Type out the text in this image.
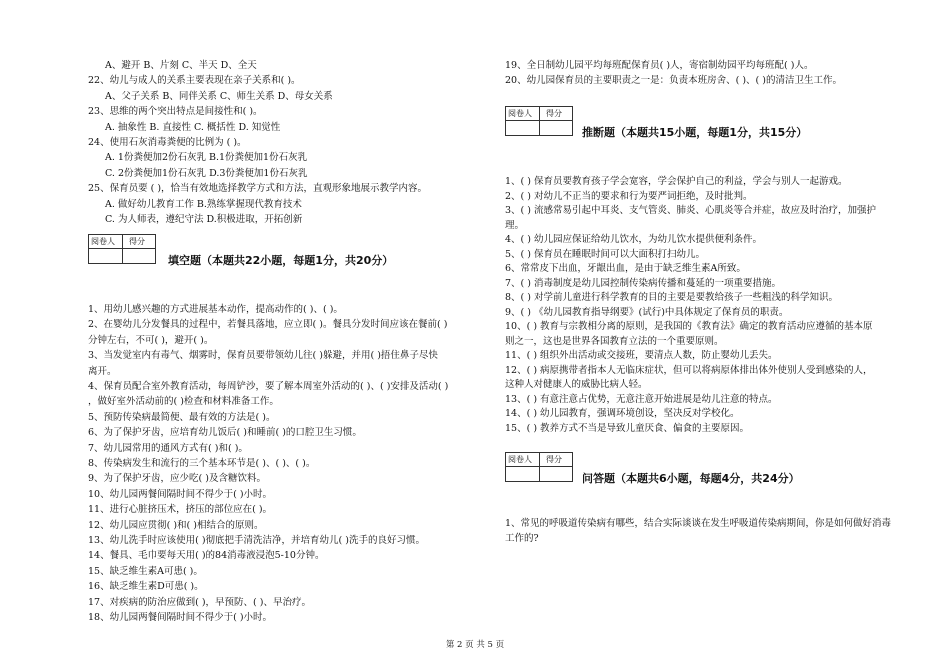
A、避开 B、片刻 C、半天 D、全天
22、幼儿与成人的关系主要表现在亲子关系和( )。
A、父子关系 B、同伴关系 C、师生关系 D、母女关系
23、思维的两个突出特点是间接性和( )。
A. 抽象性 B. 直接性 C. 概括性 D. 知觉性
24、使用石灰消毒粪便的比例为 ( )。
A. 1份粪便加2份石灰乳 B.1份粪便加1份石灰乳
C. 2份粪便加1份石灰乳 D.3份粪便加1份石灰乳
25、保育员要 ( )，恰当有效地选择教学方式和方法，直观形象地展示教学内容。
A. 做好幼儿教育工作 B.熟练掌握现代教育技术
C. 为人师表，遵纪守法 D.积极进取，开拓创新
阅卷人 得分
填空题（本题共22小题，每题1分，共20分）
1、用幼儿感兴趣的方式进展基本动作，提高动作的( )、( )。
2、在婴幼儿分发餐具的过程中，若餐具落地，应立即( )。餐具分发时间应该在餐前( )
分钟左右，不可( )，避开( )。
3、当发觉室内有毒气、烟雾时，保育员要带领幼儿往( )躲避，并用( )捂住鼻子尽快
离开。
4、保育员配合室外教育活动，每周铲沙，要了解本周室外活动的( )、( )安排及活动( )
，做好室外活动前的( )检查和材料准备工作。
5、预防传染病最简便、最有效的方法是( )。
6、为了保护牙齿，应培育幼儿饭后( )和睡前( )的口腔卫生习惯。
7、幼儿园常用的通风方式有( )和( )。
8、传染病发生和流行的三个基本环节是( )、( )、( )。
9、为了保护牙齿，应少吃( )及含糖饮料。
10、幼儿园两餐间隔时间不得少于( )小时。
11、进行心脏挤压术，挤压的部位应在( )。
12、幼儿园应贯彻( )和( )相结合的原则。
13、幼儿洗手时应该使用( )彻底把手清洗洁净，并培育幼儿( )洗手的良好习惯。
14、餐具、毛巾要每天用( )的84消毒液浸泡5-10分钟。
15、缺乏维生素A可患( )。
16、缺乏维生素D可患( )。
17、对疾病的防治应做到( )，早预防、( )、早治疗。
18、幼儿园两餐间隔时间不得少于( )小时。
19、全日制幼儿园平均每班配保育员( )人，寄宿制幼园平均每班配( )人。
20、幼儿园保育员的主要职责之一是：负责本班房舍、( )、( )的清洁卫生工作。
阅卷人 得分
推断题（本题共15小题，每题1分，共15分）
1、( ) 保育员要教育孩子学会宽容，学会保护自己的利益，学会与别人一起游戏。
2、( ) 对幼儿不正当的要求和行为要严词拒绝，及时批判。
3、( ) 流感常易引起中耳炎、支气管炎、肺炎、心肌炎等合并症，故应及时治疗，加强护
理。
4、( ) 幼儿园应保证给幼儿饮水，为幼儿饮水提供便利条件。
5、( ) 保育员在睡眠时间可以大面积打扫幼儿。
6、常常皮下出血，牙龈出血，是由于缺乏维生素A所致。
7、( ) 消毒制度是幼儿园控制传染病传播和蔓延的一项重要措施。
8、( ) 对学前儿童进行科学教育的目的主要是要教给孩子一些粗浅的科学知识。
9、( ) 《幼儿园教育指导纲要》(试行)中具体规定了保育员的职责。
10、( ) 教育与宗教相分离的原则，是我国的《教育法》确定的教育活动应遵循的基本原
则之一，这也是世界各国教育立法的一个重要原则。
11、( ) 组织外出活动或交接班，要清点人数，防止婴幼儿丢失。
12、( ) 病原携带者指本人无临床症状，但可以将病原体排出体外使别人受到感染的人，
这种人对健康人的威胁比病人轻。
13、( ) 有意注意占优势，无意注意开始进展是幼儿注意的特点。
14、( ) 幼儿园教育，强调环境创设，坚决反对学校化。
15、( ) 教养方式不当是导致儿童厌食、偏食的主要原因。
阅卷人 得分
问答题（本题共6小题，每题4分，共24分）
1、常见的呼吸道传染病有哪些，结合实际谈谈在发生呼吸道传染病期间，你是如何做好消毒
工作的?
第 2 页 共 5 页
